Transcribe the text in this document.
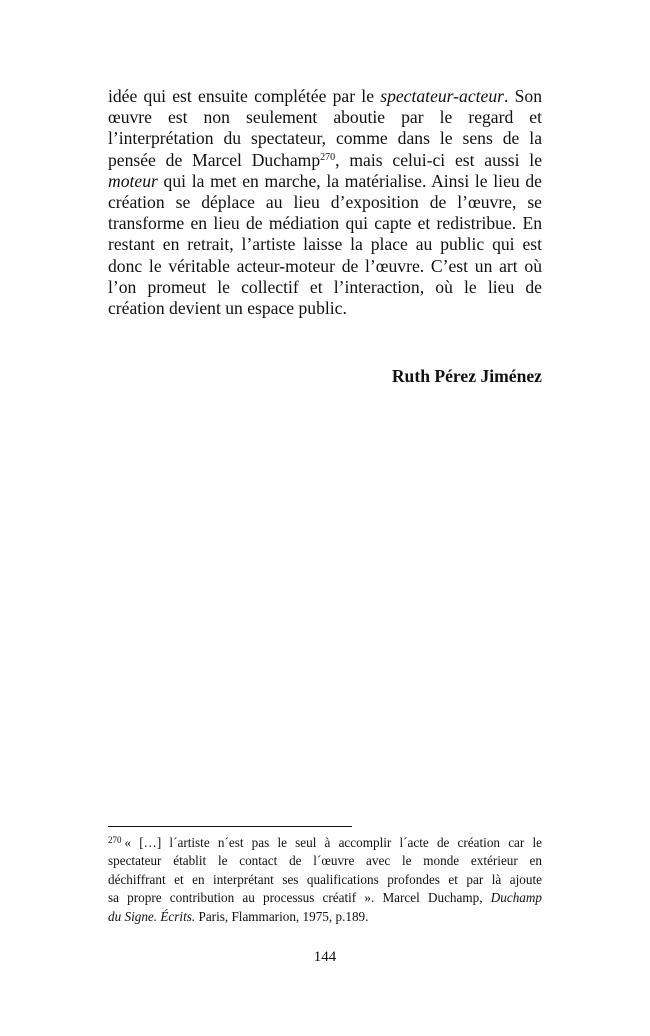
idée qui est ensuite complétée par le spectateur-acteur. Son
œuvre est non seulement aboutie par le regard et
l’interprétation du spectateur, comme dans le sens de la
pensée de Marcel Duchamp$^{270}$, mais celui-ci est aussi le
moteur qui la met en marche, la matérialise. Ainsi le lieu de
création se déplace au lieu d’exposition de l’œuvre, se
transforme en lieu de médiation qui capte et redistribue. En
restant en retrait, l’artiste laisse la place au public qui est
donc le véritable acteur-moteur de l’œuvre. C’est un art où
l’on promeut le collectif et l’interaction, où le lieu de
création devient un espace public.

Ruth Pérez Jiménez
$^{270}$ « […] l´artiste n´est pas le seul à accomplir l´acte de création car le
spectateur établit le contact de l´œuvre avec le monde extérieur en
déchiffrant et en interprétant ses qualifications profondes et par là ajoute
sa propre contribution au processus créatif ». Marcel Duchamp, Duchamp
du Signe. Écrits. Paris, Flammarion, 1975, p.189.
144
